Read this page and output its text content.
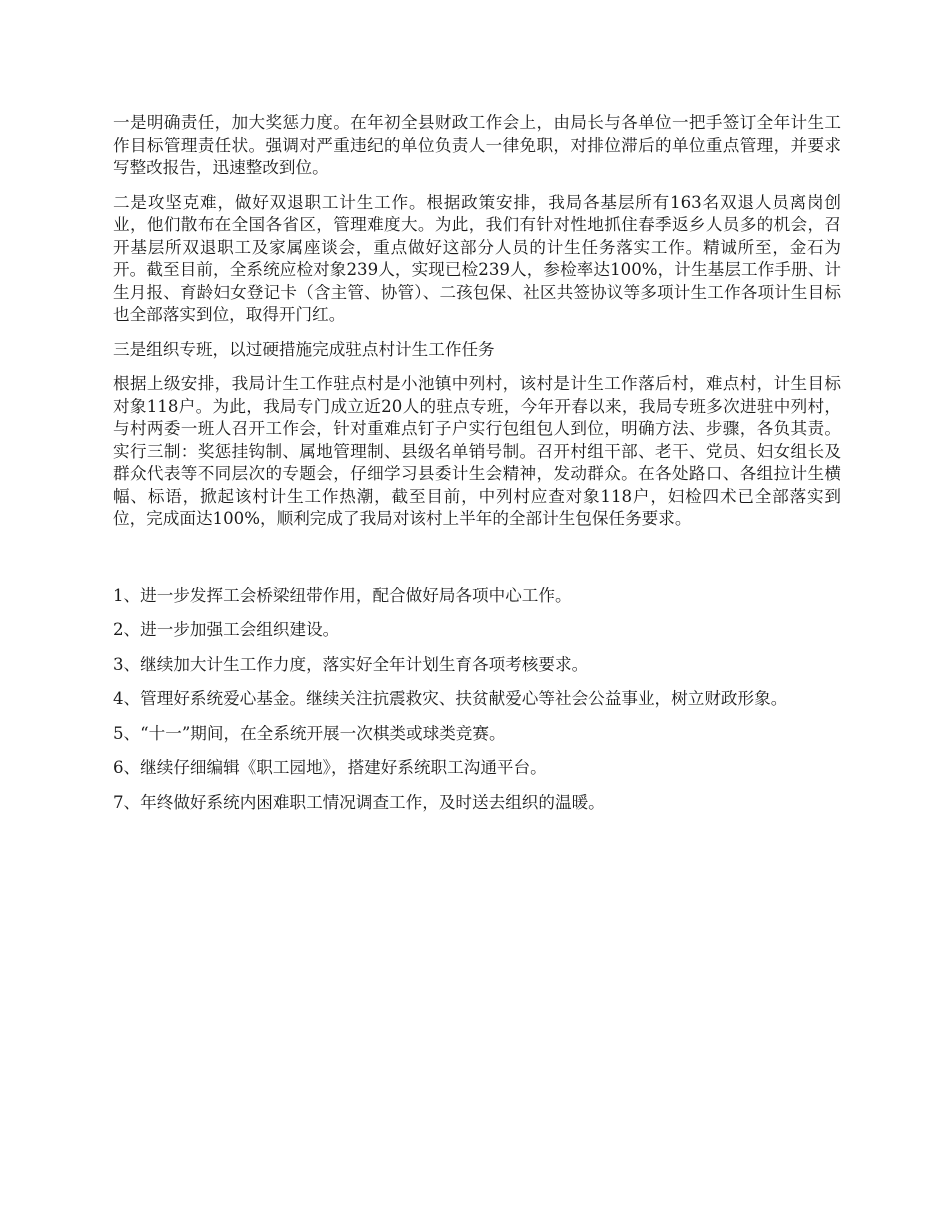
一是明确责任，加大奖惩力度。在年初全县财政工作会上，由局长与各单位一把手签订全年计生工作目标管理责任状。强调对严重违纪的单位负责人一律免职，对排位滞后的单位重点管理，并要求写整改报告，迅速整改到位。

二是攻坚克难，做好双退职工计生工作。根据政策安排，我局各基层所有163名双退人员离岗创业，他们散布在全国各省区，管理难度大。为此，我们有针对性地抓住春季返乡人员多的机会，召开基层所双退职工及家属座谈会，重点做好这部分人员的计生任务落实工作。精诚所至，金石为开。截至目前，全系统应检对象239人，实现已检239人，参检率达100%，计生基层工作手册、计生月报、育龄妇女登记卡（含主管、协管）、二孩包保、社区共签协议等多项计生工作各项计生目标也全部落实到位，取得开门红。

三是组织专班，以过硬措施完成驻点村计生工作任务

根据上级安排，我局计生工作驻点村是小池镇中列村，该村是计生工作落后村，难点村，计生目标对象118户。为此，我局专门成立近20人的驻点专班，今年开春以来，我局专班多次进驻中列村，与村两委一班人召开工作会，针对重难点钉子户实行包组包人到位，明确方法、步骤，各负其责。实行三制：奖惩挂钩制、属地管理制、县级名单销号制。召开村组干部、老干、党员、妇女组长及群众代表等不同层次的专题会，仔细学习县委计生会精神，发动群众。在各处路口、各组拉计生横幅、标语，掀起该村计生工作热潮，截至目前，中列村应查对象118户，妇检四术已全部落实到位，完成面达100%，顺利完成了我局对该村上半年的全部计生包保任务要求。

1、进一步发挥工会桥梁纽带作用，配合做好局各项中心工作。

2、进一步加强工会组织建设。

3、继续加大计生工作力度，落实好全年计划生育各项考核要求。

4、管理好系统爱心基金。继续关注抗震救灾、扶贫献爱心等社会公益事业，树立财政形象。

5、“十一”期间，在全系统开展一次棋类或球类竞赛。

6、继续仔细编辑《职工园地》，搭建好系统职工沟通平台。

7、年终做好系统内困难职工情况调查工作，及时送去组织的温暖。
